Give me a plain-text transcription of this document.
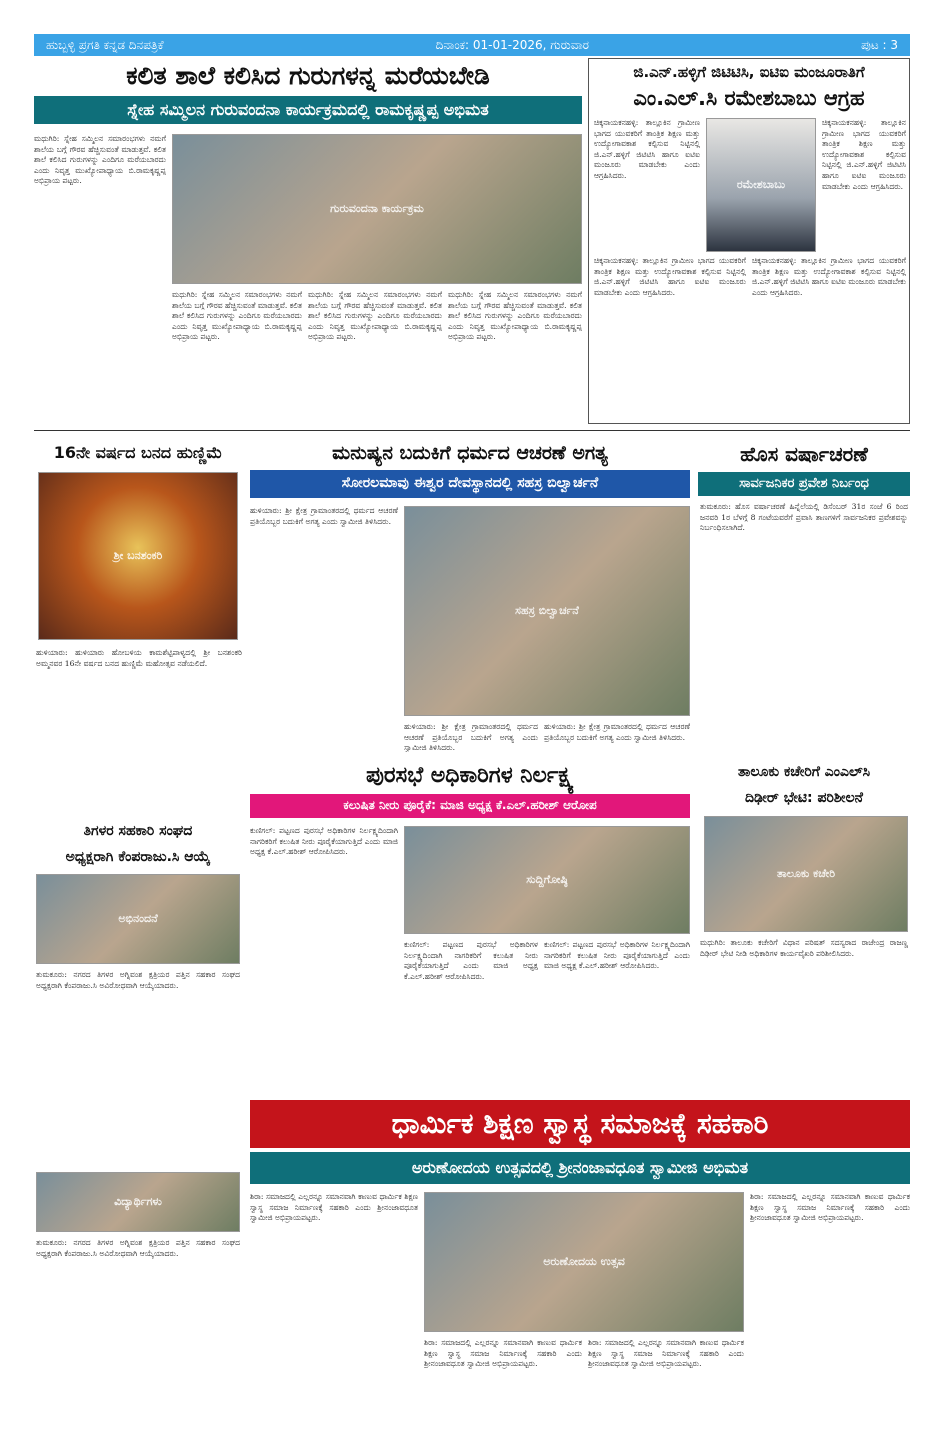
ಹುಬ್ಬಳ್ಳಿ ಪ್ರಗತಿ ಕನ್ನಡ ದಿನಪತ್ರಿಕೆ	ದಿನಾಂಕ: 01-01-2026, ಗುರುವಾರ	ಪುಟ : 3
ಕಲಿತ ಶಾಲೆ ಕಲಿಸಿದ ಗುರುಗಳನ್ನ ಮರೆಯಬೇಡಿ
ಸ್ನೇಹ ಸಮ್ಮಿಲನ ಗುರುವಂದನಾ ಕಾರ್ಯಕ್ರಮದಲ್ಲಿ ರಾಮಕೃಷ್ಣಪ್ಪ ಅಭಿಮತ
ಗುರುವಂದನಾ ಕಾರ್ಯಕ್ರಮ
ಮಧುಗಿರಿ: ಸ್ನೇಹ ಸಮ್ಮಿಲನ ಸಮಾರಂಭಗಳು ನಮಗೆ ಶಾಲೆಯ ಬಗ್ಗೆ ಗೌರವ ಹೆಚ್ಚಿಸುವಂತೆ ಮಾಡುತ್ತವೆ. ಕಲಿತ ಶಾಲೆ ಕಲಿಸಿದ ಗುರುಗಳನ್ನು ಎಂದಿಗೂ ಮರೆಯಬಾರದು ಎಂದು ನಿವೃತ್ತ ಮುಖ್ಯೋಪಾಧ್ಯಾಯ ಬಿ.ರಾಮಕೃಷ್ಣಪ್ಪ ಅಭಿಪ್ರಾಯ ಪಟ್ಟರು.
ಮಧುಗಿರಿ: ಸ್ನೇಹ ಸಮ್ಮಿಲನ ಸಮಾರಂಭಗಳು ನಮಗೆ ಶಾಲೆಯ ಬಗ್ಗೆ ಗೌರವ ಹೆಚ್ಚಿಸುವಂತೆ ಮಾಡುತ್ತವೆ. ಕಲಿತ ಶಾಲೆ ಕಲಿಸಿದ ಗುರುಗಳನ್ನು ಎಂದಿಗೂ ಮರೆಯಬಾರದು ಎಂದು ನಿವೃತ್ತ ಮುಖ್ಯೋಪಾಧ್ಯಾಯ ಬಿ.ರಾಮಕೃಷ್ಣಪ್ಪ ಅಭಿಪ್ರಾಯ ಪಟ್ಟರು.
ಮಧುಗಿರಿ: ಸ್ನೇಹ ಸಮ್ಮಿಲನ ಸಮಾರಂಭಗಳು ನಮಗೆ ಶಾಲೆಯ ಬಗ್ಗೆ ಗೌರವ ಹೆಚ್ಚಿಸುವಂತೆ ಮಾಡುತ್ತವೆ. ಕಲಿತ ಶಾಲೆ ಕಲಿಸಿದ ಗುರುಗಳನ್ನು ಎಂದಿಗೂ ಮರೆಯಬಾರದು ಎಂದು ನಿವೃತ್ತ ಮುಖ್ಯೋಪಾಧ್ಯಾಯ ಬಿ.ರಾಮಕೃಷ್ಣಪ್ಪ ಅಭಿಪ್ರಾಯ ಪಟ್ಟರು.
ಮಧುಗಿರಿ: ಸ್ನೇಹ ಸಮ್ಮಿಲನ ಸಮಾರಂಭಗಳು ನಮಗೆ ಶಾಲೆಯ ಬಗ್ಗೆ ಗೌರವ ಹೆಚ್ಚಿಸುವಂತೆ ಮಾಡುತ್ತವೆ. ಕಲಿತ ಶಾಲೆ ಕಲಿಸಿದ ಗುರುಗಳನ್ನು ಎಂದಿಗೂ ಮರೆಯಬಾರದು ಎಂದು ನಿವೃತ್ತ ಮುಖ್ಯೋಪಾಧ್ಯಾಯ ಬಿ.ರಾಮಕೃಷ್ಣಪ್ಪ ಅಭಿಪ್ರಾಯ ಪಟ್ಟರು.
ಜಿ.ಎನ್.ಹಳ್ಳಿಗೆ ಜಿಟಿಟಿಸಿ, ಐಟಿಐ ಮಂಜೂರಾತಿಗೆ
ಎಂ.ಎಲ್.ಸಿ ರಮೇಶಬಾಬು ಆಗ್ರಹ
ರಮೇಶಬಾಬು
ಚಿಕ್ಕನಾಯಕನಹಳ್ಳಿ: ತಾಲ್ಲೂಕಿನ ಗ್ರಾಮೀಣ ಭಾಗದ ಯುವಕರಿಗೆ ತಾಂತ್ರಿಕ ಶಿಕ್ಷಣ ಮತ್ತು ಉದ್ಯೋಗಾವಕಾಶ ಕಲ್ಪಿಸುವ ನಿಟ್ಟಿನಲ್ಲಿ ಜಿ.ಎನ್.ಹಳ್ಳಿಗೆ ಜಿಟಿಟಿಸಿ ಹಾಗೂ ಐಟಿಐ ಮಂಜೂರು ಮಾಡಬೇಕು ಎಂದು ಆಗ್ರಹಿಸಿದರು.
ಚಿಕ್ಕನಾಯಕನಹಳ್ಳಿ: ತಾಲ್ಲೂಕಿನ ಗ್ರಾಮೀಣ ಭಾಗದ ಯುವಕರಿಗೆ ತಾಂತ್ರಿಕ ಶಿಕ್ಷಣ ಮತ್ತು ಉದ್ಯೋಗಾವಕಾಶ ಕಲ್ಪಿಸುವ ನಿಟ್ಟಿನಲ್ಲಿ ಜಿ.ಎನ್.ಹಳ್ಳಿಗೆ ಜಿಟಿಟಿಸಿ ಹಾಗೂ ಐಟಿಐ ಮಂಜೂರು ಮಾಡಬೇಕು ಎಂದು ಆಗ್ರಹಿಸಿದರು.
ಚಿಕ್ಕನಾಯಕನಹಳ್ಳಿ: ತಾಲ್ಲೂಕಿನ ಗ್ರಾಮೀಣ ಭಾಗದ ಯುವಕರಿಗೆ ತಾಂತ್ರಿಕ ಶಿಕ್ಷಣ ಮತ್ತು ಉದ್ಯೋಗಾವಕಾಶ ಕಲ್ಪಿಸುವ ನಿಟ್ಟಿನಲ್ಲಿ ಜಿ.ಎನ್.ಹಳ್ಳಿಗೆ ಜಿಟಿಟಿಸಿ ಹಾಗೂ ಐಟಿಐ ಮಂಜೂರು ಮಾಡಬೇಕು ಎಂದು ಆಗ್ರಹಿಸಿದರು.
ಚಿಕ್ಕನಾಯಕನಹಳ್ಳಿ: ತಾಲ್ಲೂಕಿನ ಗ್ರಾಮೀಣ ಭಾಗದ ಯುವಕರಿಗೆ ತಾಂತ್ರಿಕ ಶಿಕ್ಷಣ ಮತ್ತು ಉದ್ಯೋಗಾವಕಾಶ ಕಲ್ಪಿಸುವ ನಿಟ್ಟಿನಲ್ಲಿ ಜಿ.ಎನ್.ಹಳ್ಳಿಗೆ ಜಿಟಿಟಿಸಿ ಹಾಗೂ ಐಟಿಐ ಮಂಜೂರು ಮಾಡಬೇಕು ಎಂದು ಆಗ್ರಹಿಸಿದರು.
16ನೇ ವರ್ಷದ ಬನದ ಹುಣ್ಣಿಮೆ
ಶ್ರೀ ಬನಶಂಕರಿ
ಹುಳಿಯಾರು: ಹುಳಿಯಾರು ಹೋಬಳಿಯ ಕಾಮಶೆಟ್ಟಿಪಾಳ್ಯದಲ್ಲಿ ಶ್ರೀ ಬನಶಂಕರಿ ಅಮ್ಮನವರ 16ನೇ ವರ್ಷದ ಬನದ ಹುಣ್ಣಿಮೆ ಮಹೋತ್ಸವ ನಡೆಯಲಿದೆ.
ಮನುಷ್ಯನ ಬದುಕಿಗೆ ಧರ್ಮದ ಆಚರಣೆ ಅಗತ್ಯ
ಸೋರಲಮಾವು ಈಶ್ವರ ದೇವಸ್ಥಾನದಲ್ಲಿ ಸಹಸ್ರ ಬಿಲ್ವಾರ್ಚನೆ
ಸಹಸ್ರ ಬಿಲ್ವಾರ್ಚನೆ
ಹುಳಿಯಾರು: ಶ್ರೀ ಕ್ಷೇತ್ರ ಗ್ರಾಮಾಂತರದಲ್ಲಿ ಧರ್ಮದ ಆಚರಣೆ ಪ್ರತಿಯೊಬ್ಬರ ಬದುಕಿಗೆ ಅಗತ್ಯ ಎಂದು ಸ್ವಾಮೀಜಿ ತಿಳಿಸಿದರು.
ಹುಳಿಯಾರು: ಶ್ರೀ ಕ್ಷೇತ್ರ ಗ್ರಾಮಾಂತರದಲ್ಲಿ ಧರ್ಮದ ಆಚರಣೆ ಪ್ರತಿಯೊಬ್ಬರ ಬದುಕಿಗೆ ಅಗತ್ಯ ಎಂದು ಸ್ವಾಮೀಜಿ ತಿಳಿಸಿದರು.
ಹುಳಿಯಾರು: ಶ್ರೀ ಕ್ಷೇತ್ರ ಗ್ರಾಮಾಂತರದಲ್ಲಿ ಧರ್ಮದ ಆಚರಣೆ ಪ್ರತಿಯೊಬ್ಬರ ಬದುಕಿಗೆ ಅಗತ್ಯ ಎಂದು ಸ್ವಾಮೀಜಿ ತಿಳಿಸಿದರು.
ಹೊಸ ವರ್ಷಾಚರಣೆ
ಸಾರ್ವಜನಿಕರ ಪ್ರವೇಶ ನಿರ್ಬಂಧ
ತುಮಕೂರು: ಹೊಸ ವರ್ಷಾಚರಣೆ ಹಿನ್ನೆಲೆಯಲ್ಲಿ ಡಿಸೆಂಬರ್ 31ರ ಸಂಜೆ 6 ರಿಂದ ಜನವರಿ 1ರ ಬೆಳಗ್ಗೆ 8 ಗಂಟೆಯವರೆಗೆ ಪ್ರವಾಸಿ ತಾಣಗಳಿಗೆ ಸಾರ್ವಜನಿಕರ ಪ್ರವೇಶವನ್ನು ನಿರ್ಬಂಧಿಸಲಾಗಿದೆ.
ಪುರಸಭೆ ಅಧಿಕಾರಿಗಳ ನಿರ್ಲಕ್ಷ್ಯ
ಕಲುಷಿತ ನೀರು ಪೂರೈಕೆ: ಮಾಜಿ ಅಧ್ಯಕ್ಷ ಕೆ.ಎಲ್.ಹರೀಶ್ ಆರೋಪ
ಸುದ್ದಿಗೋಷ್ಠಿ
ಕುಣಿಗಲ್: ಪಟ್ಟಣದ ಪುರಸಭೆ ಅಧಿಕಾರಿಗಳ ನಿರ್ಲಕ್ಷ್ಯದಿಂದಾಗಿ ನಾಗರಿಕರಿಗೆ ಕಲುಷಿತ ನೀರು ಪೂರೈಕೆಯಾಗುತ್ತಿದೆ ಎಂದು ಮಾಜಿ ಅಧ್ಯಕ್ಷ ಕೆ.ಎಲ್.ಹರೀಶ್ ಆರೋಪಿಸಿದರು.
ಕುಣಿಗಲ್: ಪಟ್ಟಣದ ಪುರಸಭೆ ಅಧಿಕಾರಿಗಳ ನಿರ್ಲಕ್ಷ್ಯದಿಂದಾಗಿ ನಾಗರಿಕರಿಗೆ ಕಲುಷಿತ ನೀರು ಪೂರೈಕೆಯಾಗುತ್ತಿದೆ ಎಂದು ಮಾಜಿ ಅಧ್ಯಕ್ಷ ಕೆ.ಎಲ್.ಹರೀಶ್ ಆರೋಪಿಸಿದರು.
ಕುಣಿಗಲ್: ಪಟ್ಟಣದ ಪುರಸಭೆ ಅಧಿಕಾರಿಗಳ ನಿರ್ಲಕ್ಷ್ಯದಿಂದಾಗಿ ನಾಗರಿಕರಿಗೆ ಕಲುಷಿತ ನೀರು ಪೂರೈಕೆಯಾಗುತ್ತಿದೆ ಎಂದು ಮಾಜಿ ಅಧ್ಯಕ್ಷ ಕೆ.ಎಲ್.ಹರೀಶ್ ಆರೋಪಿಸಿದರು.
ತಾಲೂಕು ಕಚೇರಿಗೆ ಎಂಎಲ್‌ಸಿ
ದಿಢೀರ್ ಭೇಟಿ: ಪರಿಶೀಲನೆ
ತಾಲೂಕು ಕಚೇರಿ
ಮಧುಗಿರಿ: ತಾಲೂಕು ಕಚೇರಿಗೆ ವಿಧಾನ ಪರಿಷತ್ ಸದಸ್ಯರಾದ ರಾಜೇಂದ್ರ ರಾಜಣ್ಣ ದಿಢೀರ್ ಭೇಟಿ ನೀಡಿ ಅಧಿಕಾರಿಗಳ ಕಾರ್ಯವೈಖರಿ ಪರಿಶೀಲಿಸಿದರು.
ತಿಗಳರ ಸಹಕಾರಿ ಸಂಘದ
ಅಧ್ಯಕ್ಷರಾಗಿ ಕೆಂಪರಾಜು.ಸಿ ಆಯ್ಕೆ
ಅಭಿನಂದನೆ
ತುಮಕೂರು: ನಗರದ ತಿಗಳರ ಅಗ್ನಿವಂಶ ಕ್ಷತ್ರಿಯರ ಪತ್ತಿನ ಸಹಕಾರ ಸಂಘದ ಅಧ್ಯಕ್ಷರಾಗಿ ಕೆಂಪರಾಜು.ಸಿ ಅವಿರೋಧವಾಗಿ ಆಯ್ಕೆಯಾದರು.
ವಿದ್ಯಾರ್ಥಿಗಳು
ತುಮಕೂರು: ನಗರದ ತಿಗಳರ ಅಗ್ನಿವಂಶ ಕ್ಷತ್ರಿಯರ ಪತ್ತಿನ ಸಹಕಾರ ಸಂಘದ ಅಧ್ಯಕ್ಷರಾಗಿ ಕೆಂಪರಾಜು.ಸಿ ಅವಿರೋಧವಾಗಿ ಆಯ್ಕೆಯಾದರು.
ಧಾರ್ಮಿಕ ಶಿಕ್ಷಣ ಸ್ವಾಸ್ಥ ಸಮಾಜಕ್ಕೆ ಸಹಕಾರಿ
ಅರುಣೋದಯ ಉತ್ಸವದಲ್ಲಿ ಶ್ರೀನಂಜಾವಧೂತ ಸ್ವಾಮೀಜಿ ಅಭಿಮತ
ಅರುಣೋದಯ ಉತ್ಸವ
ಶಿರಾ: ಸಮಾಜದಲ್ಲಿ ಎಲ್ಲರನ್ನೂ ಸಮಾನವಾಗಿ ಕಾಣುವ ಧಾರ್ಮಿಕ ಶಿಕ್ಷಣ ಸ್ವಾಸ್ಥ ಸಮಾಜ ನಿರ್ಮಾಣಕ್ಕೆ ಸಹಕಾರಿ ಎಂದು ಶ್ರೀನಂಜಾವಧೂತ ಸ್ವಾಮೀಜಿ ಅಭಿಪ್ರಾಯಪಟ್ಟರು.
ಶಿರಾ: ಸಮಾಜದಲ್ಲಿ ಎಲ್ಲರನ್ನೂ ಸಮಾನವಾಗಿ ಕಾಣುವ ಧಾರ್ಮಿಕ ಶಿಕ್ಷಣ ಸ್ವಾಸ್ಥ ಸಮಾಜ ನಿರ್ಮಾಣಕ್ಕೆ ಸಹಕಾರಿ ಎಂದು ಶ್ರೀನಂಜಾವಧೂತ ಸ್ವಾಮೀಜಿ ಅಭಿಪ್ರಾಯಪಟ್ಟರು.
ಶಿರಾ: ಸಮಾಜದಲ್ಲಿ ಎಲ್ಲರನ್ನೂ ಸಮಾನವಾಗಿ ಕಾಣುವ ಧಾರ್ಮಿಕ ಶಿಕ್ಷಣ ಸ್ವಾಸ್ಥ ಸಮಾಜ ನಿರ್ಮಾಣಕ್ಕೆ ಸಹಕಾರಿ ಎಂದು ಶ್ರೀನಂಜಾವಧೂತ ಸ್ವಾಮೀಜಿ ಅಭಿಪ್ರಾಯಪಟ್ಟರು.
ಶಿರಾ: ಸಮಾಜದಲ್ಲಿ ಎಲ್ಲರನ್ನೂ ಸಮಾನವಾಗಿ ಕಾಣುವ ಧಾರ್ಮಿಕ ಶಿಕ್ಷಣ ಸ್ವಾಸ್ಥ ಸಮಾಜ ನಿರ್ಮಾಣಕ್ಕೆ ಸಹಕಾರಿ ಎಂದು ಶ್ರೀನಂಜಾವಧೂತ ಸ್ವಾಮೀಜಿ ಅಭಿಪ್ರಾಯಪಟ್ಟರು.
